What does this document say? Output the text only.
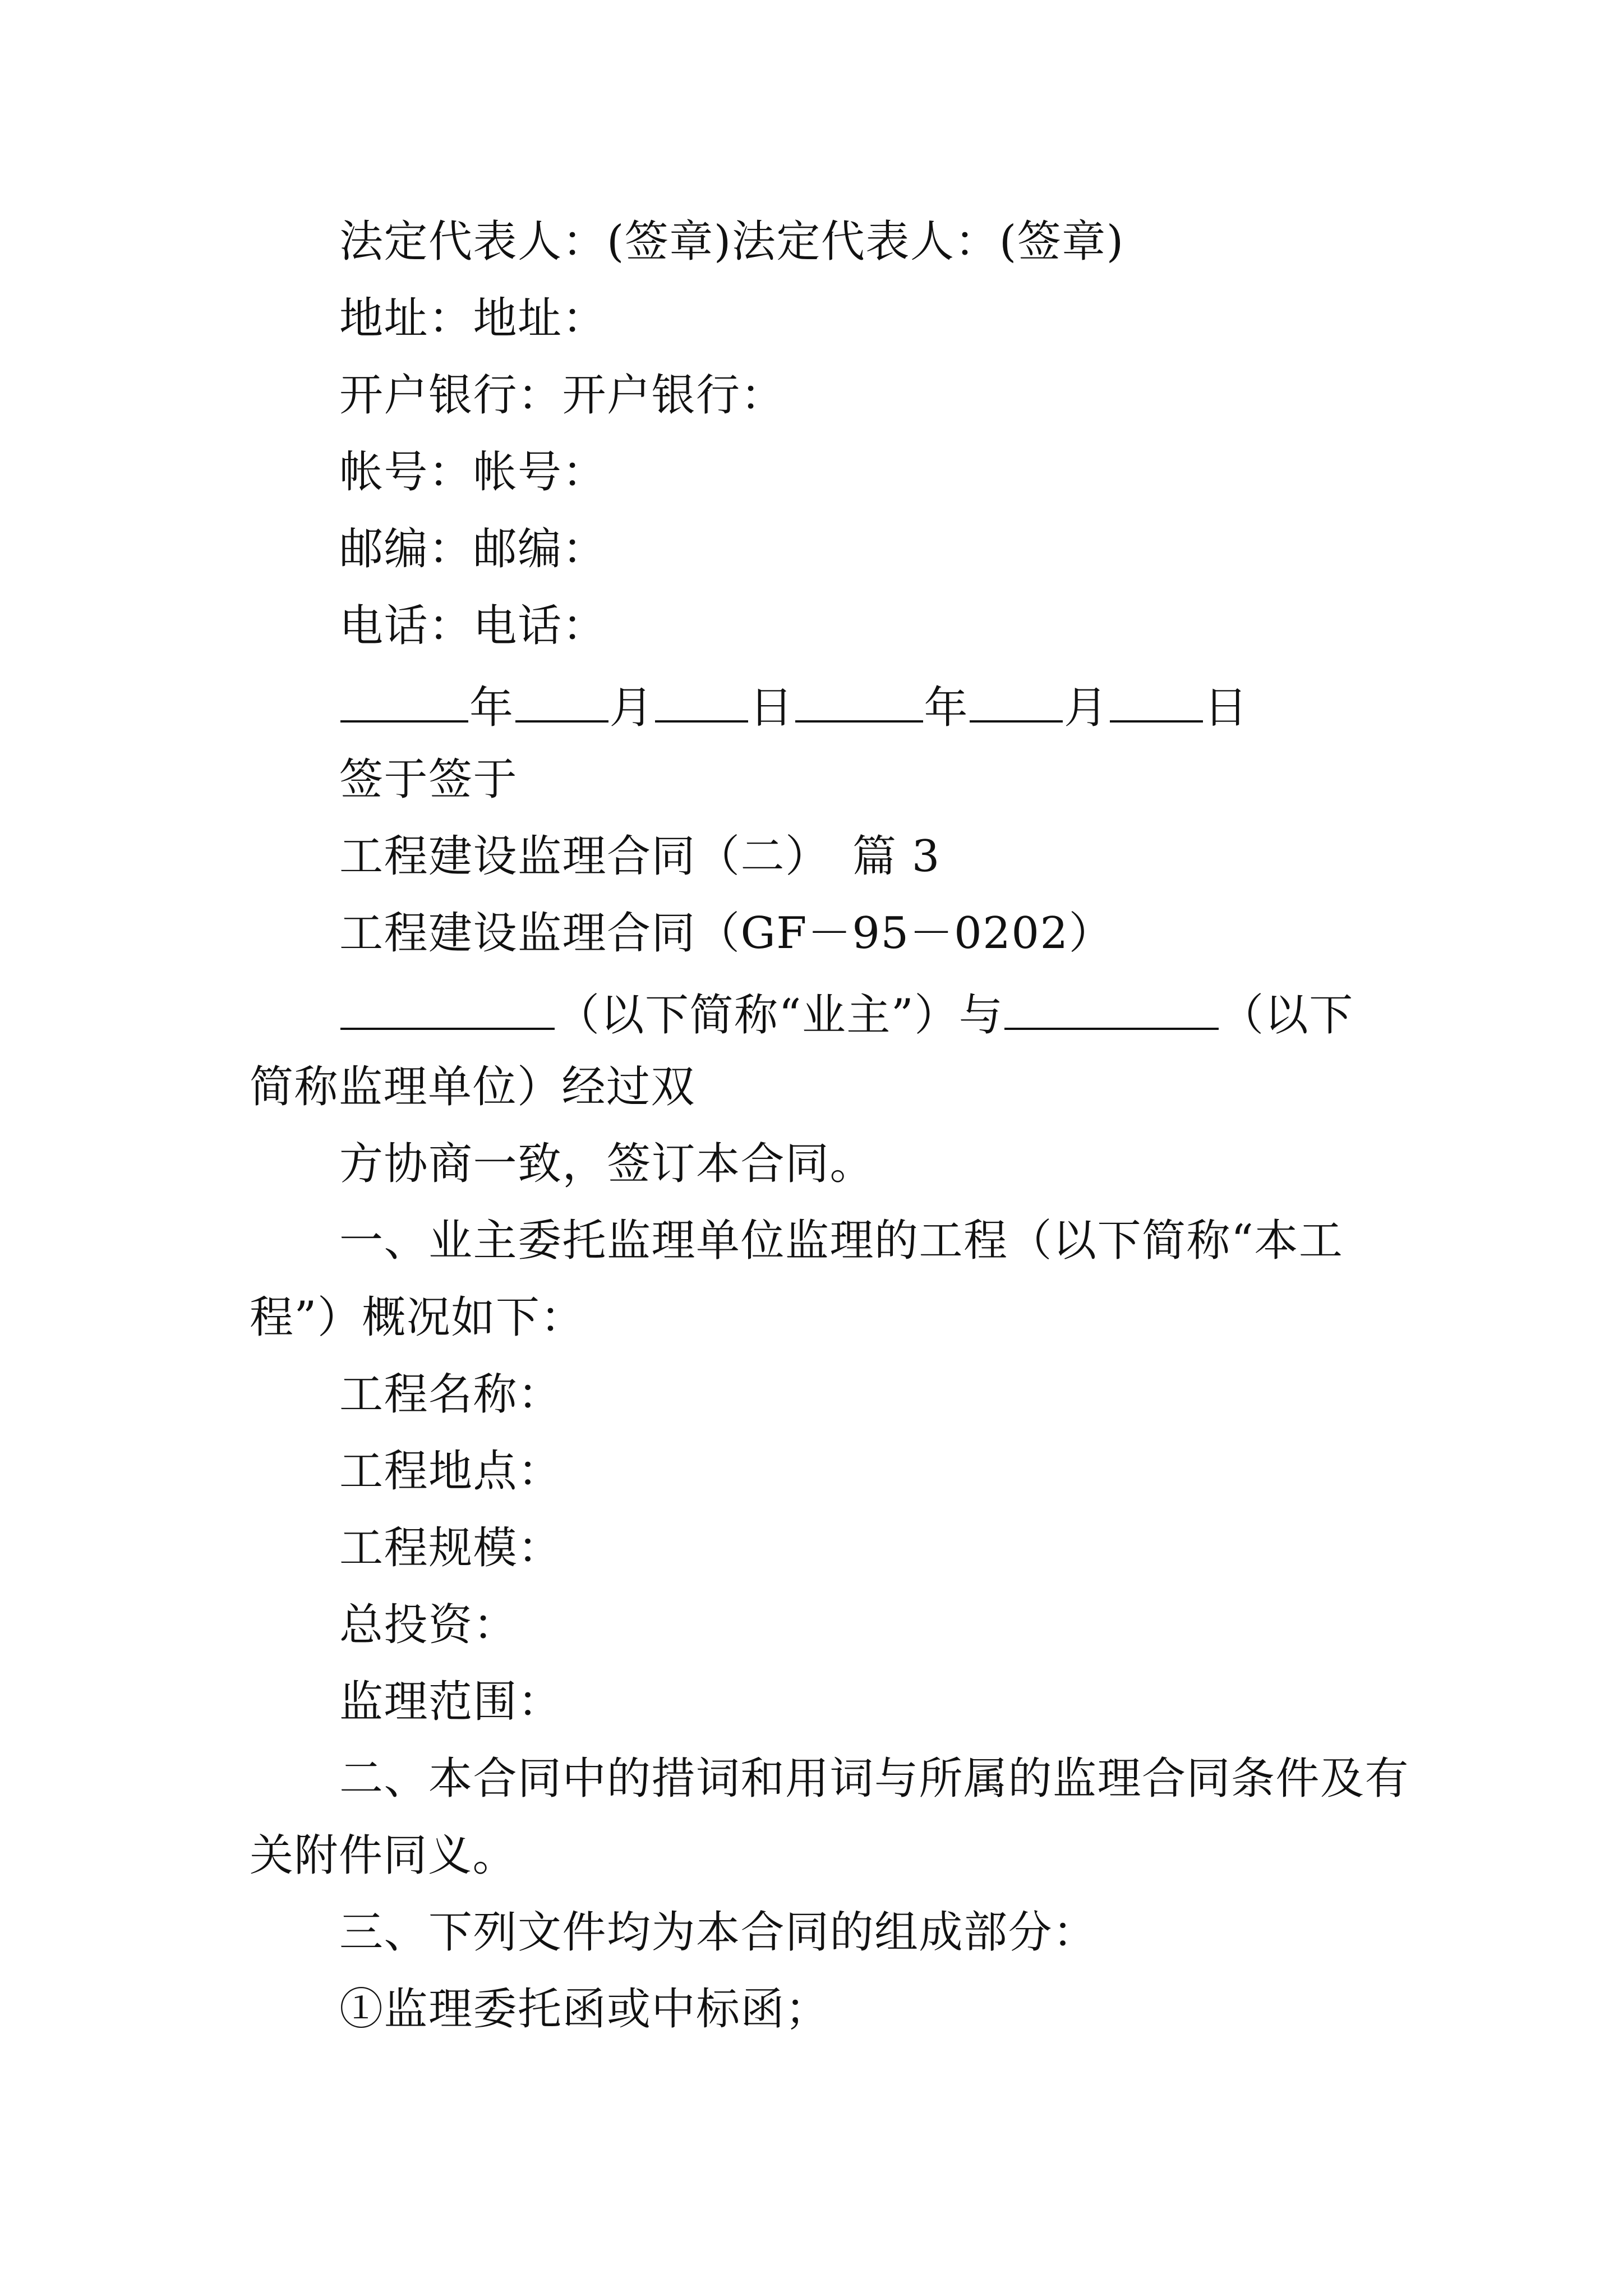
法定代表人：(签章)法定代表人：(签章)
地址：地址：
开户银行：开户银行：
帐号：帐号：
邮编：邮编：
电话：电话：
年 月 日	年 月 日
签于签于
工程建设监理合同（二）　篇 3
工程建设监理合同（GF－95－0202）
（以下简称“业主”）与	（以下
简称监理单位）经过双
方协商一致，签订本合同。
一、业主委托监理单位监理的工程（以下简称“本工
程”）概况如下：
工程名称：
工程地点：
工程规模：
总投资：
监理范围：
二、本合同中的措词和用词与所属的监理合同条件及有
关附件同义。
三、下列文件均为本合同的组成部分：
①监理委托函或中标函；
